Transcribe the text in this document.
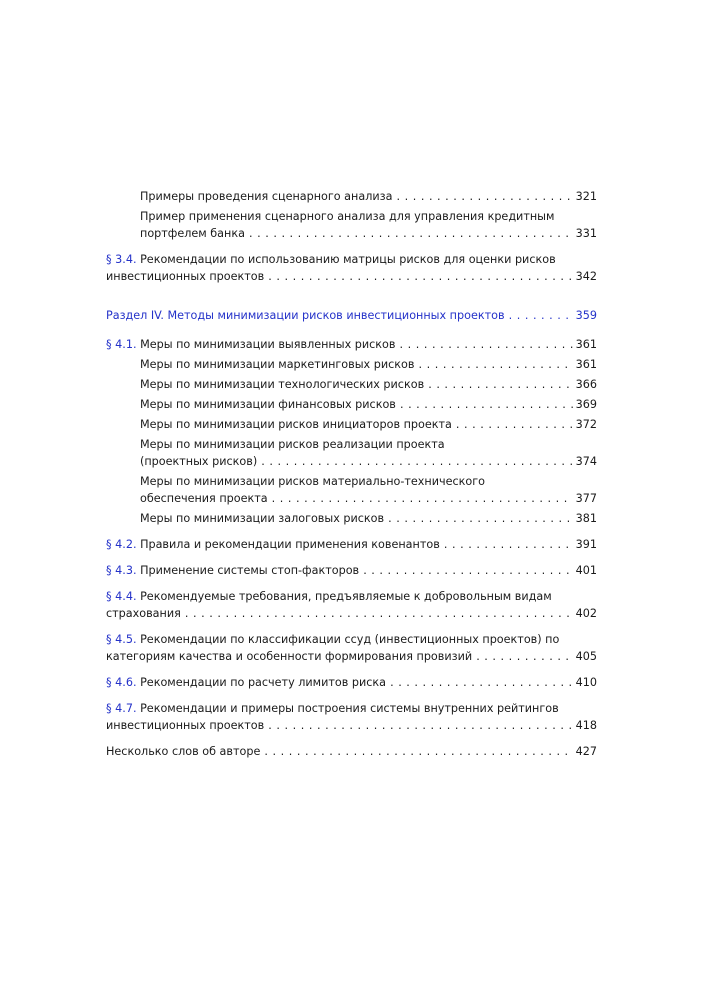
Примеры проведения сценарного анализа . . .	321
Пример применения сценарного анализа для управления кредитным
портфелем банка . . .	331
§ 3.4. Рекомендации по использованию матрицы рисков для оценки рисков
инвестиционных проектов . . .	342
Раздел IV. Методы минимизации рисков инвестиционных проектов . . .	359
§ 4.1. Меры по минимизации выявленных рисков . . .	361
Меры по минимизации маркетинговых рисков . . .	361
Меры по минимизации технологических рисков . . .	366
Меры по минимизации финансовых рисков . . .	369
Меры по минимизации рисков инициаторов проекта . . .	372
Меры по минимизации рисков реализации проекта
(проектных рисков) . . .	374
Меры по минимизации рисков материально-технического
обеспечения проекта . . .	377
Меры по минимизации залоговых рисков . . .	381
§ 4.2. Правила и рекомендации применения ковенантов . . .	391
§ 4.3. Применение системы стоп-факторов . . .	401
§ 4.4. Рекомендуемые требования, предъявляемые к добровольным видам
страхования . . .	402
§ 4.5. Рекомендации по классификации ссуд (инвестиционных проектов) по
категориям качества и особенности формирования провизий . . .	405
§ 4.6. Рекомендации по расчету лимитов риска . . .	410
§ 4.7. Рекомендации и примеры построения системы внутренних рейтингов
инвестиционных проектов . . .	418
Несколько слов об авторе . . .	427
